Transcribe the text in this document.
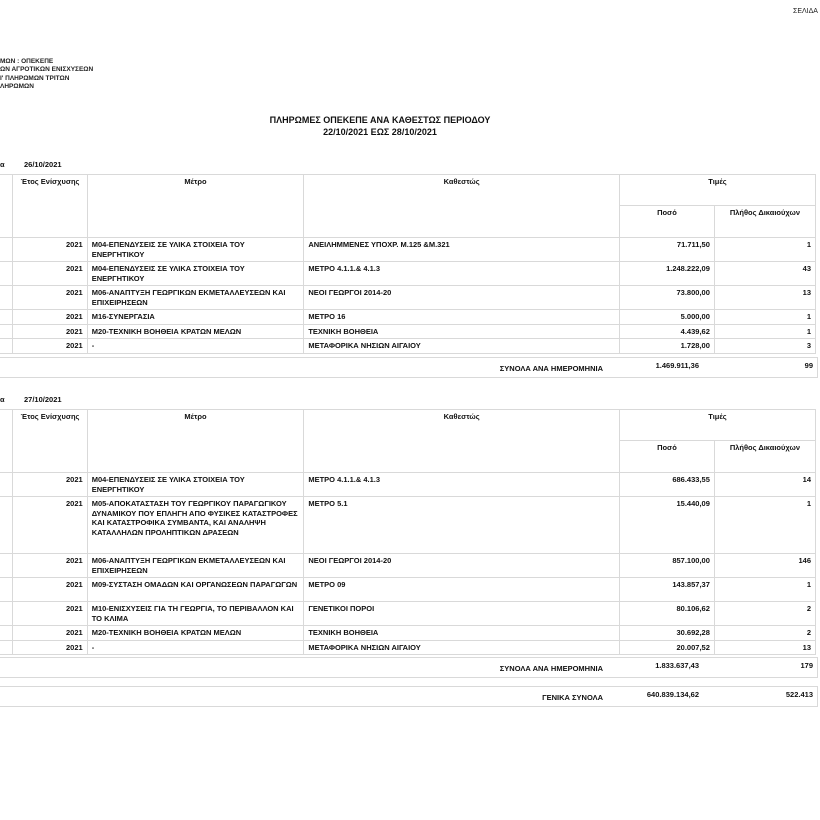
ΣΕΛΙΔΑ
ΜΩΝ : ΟΠΕΚΕΠΕ
ΩΝ ΑΓΡΟΤΙΚΩΝ ΕΝΙΣΧΥΣΕΩΝ
Ι' ΠΛΗΡΩΜΩΝ ΤΡΙΤΩΝ
ΛΗΡΩΜΩΝ
ΠΛΗΡΩΜΕΣ ΟΠΕΚΕΠΕ ΑΝΑ ΚΑΘΕΣΤΩΣ ΠΕΡΙΟΔΟΥ
22/10/2021 ΕΩΣ 28/10/2021
α	26/10/2021
	Έτος Ενίσχυσης	Μέτρο	Καθεστώς	Τιμές	
				Ποσό	Πλήθος Δικαιούχων
	2021	Μ04-ΕΠΕΝΔΥΣΕΙΣ ΣΕ ΥΛΙΚΑ ΣΤΟΙΧΕΙΑ ΤΟΥ ΕΝΕΡΓΗΤΙΚΟΥ	ΑΝΕΙΛΗΜΜΕΝΕΣ ΥΠΟΧΡ. Μ.125 &Μ.321	71.711,50	1
	2021	Μ04-ΕΠΕΝΔΥΣΕΙΣ ΣΕ ΥΛΙΚΑ ΣΤΟΙΧΕΙΑ ΤΟΥ ΕΝΕΡΓΗΤΙΚΟΥ	ΜΕΤΡΟ 4.1.1.& 4.1.3	1.248.222,09	43
	2021	Μ06-ΑΝΑΠΤΥΞΗ ΓΕΩΡΓΙΚΩΝ ΕΚΜΕΤΑΛΛΕΥΣΕΩΝ ΚΑΙ ΕΠΙΧΕΙΡΗΣΕΩΝ	ΝΕΟΙ ΓΕΩΡΓΟΙ 2014-20	73.800,00	13
	2021	Μ16-ΣΥΝΕΡΓΑΣΙΑ	ΜΕΤΡΟ 16	5.000,00	1
	2021	Μ20-ΤΕΧΝΙΚΗ ΒΟΗΘΕΙΑ ΚΡΑΤΩΝ ΜΕΛΩΝ	ΤΕΧΝΙΚΗ ΒΟΗΘΕΙΑ	4.439,62	1
	2021	-	ΜΕΤΑΦΟΡΙΚΑ ΝΗΣΙΩΝ ΑΙΓΑΙΟΥ	1.728,00	3
ΣΥΝΟΛΑ ΑΝΑ ΗΜΕΡΟΜΗΝΙΑ	1.469.911,36	99
α	27/10/2021
	Έτος Ενίσχυσης	Μέτρο	Καθεστώς	Τιμές	
				Ποσό	Πλήθος Δικαιούχων
	2021	Μ04-ΕΠΕΝΔΥΣΕΙΣ ΣΕ ΥΛΙΚΑ ΣΤΟΙΧΕΙΑ ΤΟΥ ΕΝΕΡΓΗΤΙΚΟΥ	ΜΕΤΡΟ 4.1.1.& 4.1.3	686.433,55	14
	2021	Μ05-ΑΠΟΚΑΤΑΣΤΑΣΗ ΤΟΥ ΓΕΩΡΓΙΚΟΥ ΠΑΡΑΓΩΓΙΚΟΥ ΔΥΝΑΜΙΚΟΥ ΠΟΥ ΕΠΛΗΓΗ ΑΠΟ ΦΥΣΙΚΕΣ ΚΑΤΑΣΤΡΟΦΕΣ ΚΑΙ ΚΑΤΑΣΤΡΟΦΙΚΑ ΣΥΜΒΑΝΤΑ, ΚΑΙ ΑΝΑΛΗΨΗ ΚΑΤΑΛΛΗΛΩΝ ΠΡΟΛΗΠΤΙΚΩΝ ΔΡΑΣΕΩΝ	ΜΕΤΡΟ 5.1	15.440,09	1
	2021	Μ06-ΑΝΑΠΤΥΞΗ ΓΕΩΡΓΙΚΩΝ ΕΚΜΕΤΑΛΛΕΥΣΕΩΝ ΚΑΙ ΕΠΙΧΕΙΡΗΣΕΩΝ	ΝΕΟΙ ΓΕΩΡΓΟΙ 2014-20	857.100,00	146
	2021	Μ09-ΣΥΣΤΑΣΗ ΟΜΑΔΩΝ ΚΑΙ ΟΡΓΑΝΩΣΕΩΝ ΠΑΡΑΓΩΓΩΝ	ΜΕΤΡΟ 09	143.857,37	1
	2021	Μ10-ΕΝΙΣΧΥΣΕΙΣ ΓΙΑ ΤΗ ΓΕΩΡΓΙΑ, ΤΟ ΠΕΡΙΒΑΛΛΟΝ ΚΑΙ ΤΟ ΚΛΙΜΑ	ΓΕΝΕΤΙΚΟΙ ΠΟΡΟΙ	80.106,62	2
	2021	Μ20-ΤΕΧΝΙΚΗ ΒΟΗΘΕΙΑ ΚΡΑΤΩΝ ΜΕΛΩΝ	ΤΕΧΝΙΚΗ ΒΟΗΘΕΙΑ	30.692,28	2
	2021	-	ΜΕΤΑΦΟΡΙΚΑ ΝΗΣΙΩΝ ΑΙΓΑΙΟΥ	20.007,52	13
ΣΥΝΟΛΑ ΑΝΑ ΗΜΕΡΟΜΗΝΙΑ	1.833.637,43	179
ΓΕΝΙΚΑ ΣΥΝΟΛΑ	640.839.134,62	522.413
